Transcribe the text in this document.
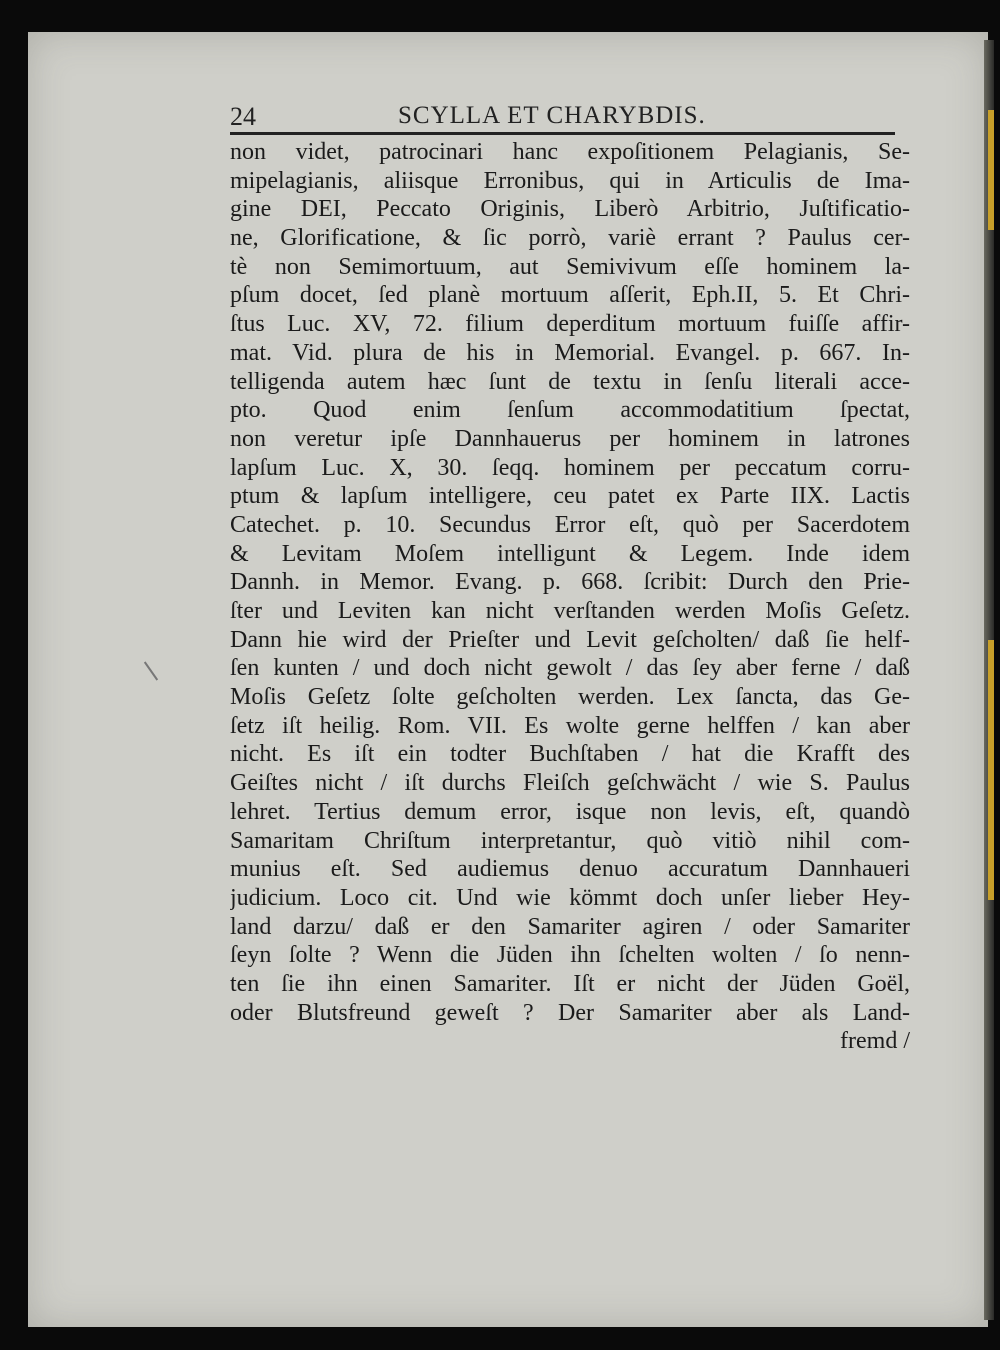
24	SCYLLA ET CHARYBDIS.
non videt, patrocinari hanc expoſitionem Pelagianis, Se-
mipelagianis, aliisque Erronibus, qui in Articulis de Ima-
gine DEI, Peccato Originis, Liberò Arbitrio, Juſtificatio-
ne, Glorificatione, & ſic porrò, variè errant ? Paulus cer-
tè non Semimortuum, aut Semivivum eſſe hominem la-
pſum docet, ſed planè mortuum aſſerit, Eph.II, 5. Et Chri-
ſtus Luc. XV, 72. filium deperditum mortuum fuiſſe affir-
mat. Vid. plura de his in Memorial. Evangel. p. 667. In-
telligenda autem hæc ſunt de textu in ſenſu literali acce-
pto. Quod enim ſenſum accommodatitium ſpectat,
non veretur ipſe Dannhauerus per hominem in latrones
lapſum Luc. X, 30. ſeqq. hominem per peccatum corru-
ptum & lapſum intelligere, ceu patet ex Parte IIX. Lactis
Catechet. p. 10. Secundus Error eſt, quò per Sacerdotem
& Levitam Moſem intelligunt & Legem. Inde idem
Dannh. in Memor. Evang. p. 668. ſcribit: Durch den Prie-
ſter und Leviten kan nicht verſtanden werden Moſis Geſetz.
Dann hie wird der Prieſter und Levit geſcholten/ daß ſie helf-
ſen kunten / und doch nicht gewolt / das ſey aber ferne / daß
Moſis Geſetz ſolte geſcholten werden. Lex ſancta, das Ge-
ſetz iſt heilig. Rom. VII. Es wolte gerne helffen / kan aber
nicht. Es iſt ein todter Buchſtaben / hat die Krafft des
Geiſtes nicht / iſt durchs Fleiſch geſchwächt / wie S. Paulus
lehret. Tertius demum error, isque non levis, eſt, quandò
Samaritam Chriſtum interpretantur, quò vitiò nihil com-
munius eſt. Sed audiemus denuo accuratum Dannhaueri
judicium. Loco cit. Und wie kömmt doch unſer lieber Hey-
land darzu/ daß er den Samariter agiren / oder Samariter
ſeyn ſolte ? Wenn die Jüden ihn ſchelten wolten / ſo nenn-
ten ſie ihn einen Samariter. Iſt er nicht der Jüden Goël,
oder Blutsfreund geweſt ? Der Samariter aber als Land-
fremd /
